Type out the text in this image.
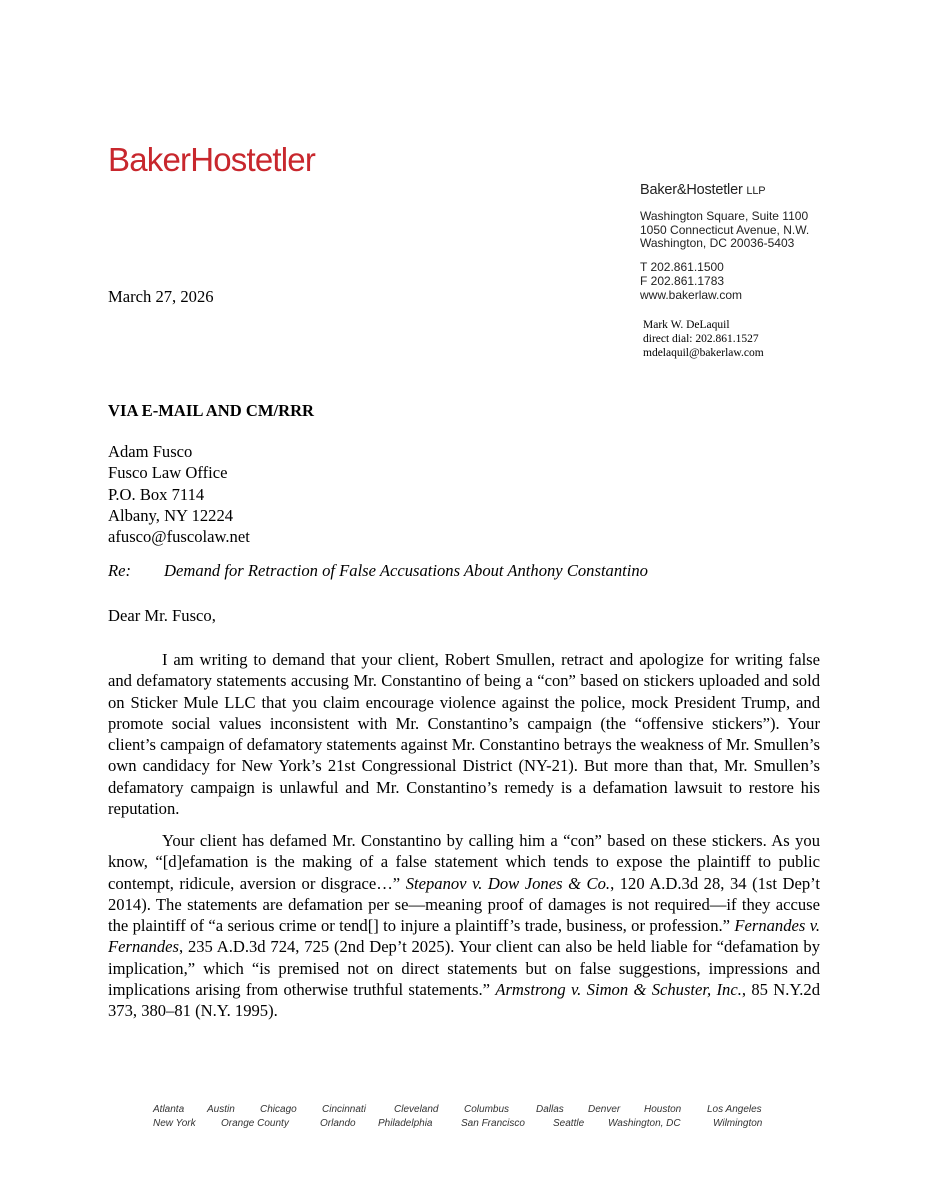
BakerHostetler
Baker&Hostetler LLP
Washington Square, Suite 1100
1050 Connecticut Avenue, N.W.
Washington, DC 20036-5403
T 202.861.1500
F 202.861.1783
www.bakerlaw.com
Mark W. DeLaquil
direct dial: 202.861.1527
mdelaquil@bakerlaw.com
March 27, 2026
VIA E-MAIL AND CM/RRR
Adam Fusco
Fusco Law Office
P.O. Box 7114
Albany, NY 12224
afusco@fuscolaw.net
Re: Demand for Retraction of False Accusations About Anthony Constantino
Dear Mr. Fusco,

I am writing to demand that your client, Robert Smullen, retract and apologize for writing false and defamatory statements accusing Mr. Constantino of being a “con” based on stickers uploaded and sold on Sticker Mule LLC that you claim encourage violence against the police, mock President Trump, and promote social values inconsistent with Mr. Constantino’s campaign (the “offensive stickers”). Your client’s campaign of defamatory statements against Mr. Constantino betrays the weakness of Mr. Smullen’s own candidacy for New York’s 21st Congressional District (NY-21). But more than that, Mr. Smullen’s defamatory campaign is unlawful and Mr. Constantino’s remedy is a defamation lawsuit to restore his reputation.

Your client has defamed Mr. Constantino by calling him a “con” based on these stickers. As you know, “[d]efamation is the making of a false statement which tends to expose the plaintiff to public contempt, ridicule, aversion or disgrace…” Stepanov v. Dow Jones & Co., 120 A.D.3d 28, 34 (1st Dep’t 2014). The statements are defamation per se—meaning proof of damages is not required—if they accuse the plaintiff of “a serious crime or tend[] to injure a plaintiff’s trade, business, or profession.” Fernandes v. Fernandes, 235 A.D.3d 724, 725 (2nd Dep’t 2025). Your client can also be held liable for “defamation by implication,” which “is premised not on direct statements but on false suggestions, impressions and implications arising from otherwise truthful statements.” Armstrong v. Simon & Schuster, Inc., 85 N.Y.2d 373, 380–81 (N.Y. 1995).

Atlanta Austin	Chicago	Cincinnati	Cleveland	Columbus	Dallas Denver Houston	Los Angeles
New York	Orange County	Orlando Philadelphia	San Francisco	Seattle Washington, DC	Wilmington
